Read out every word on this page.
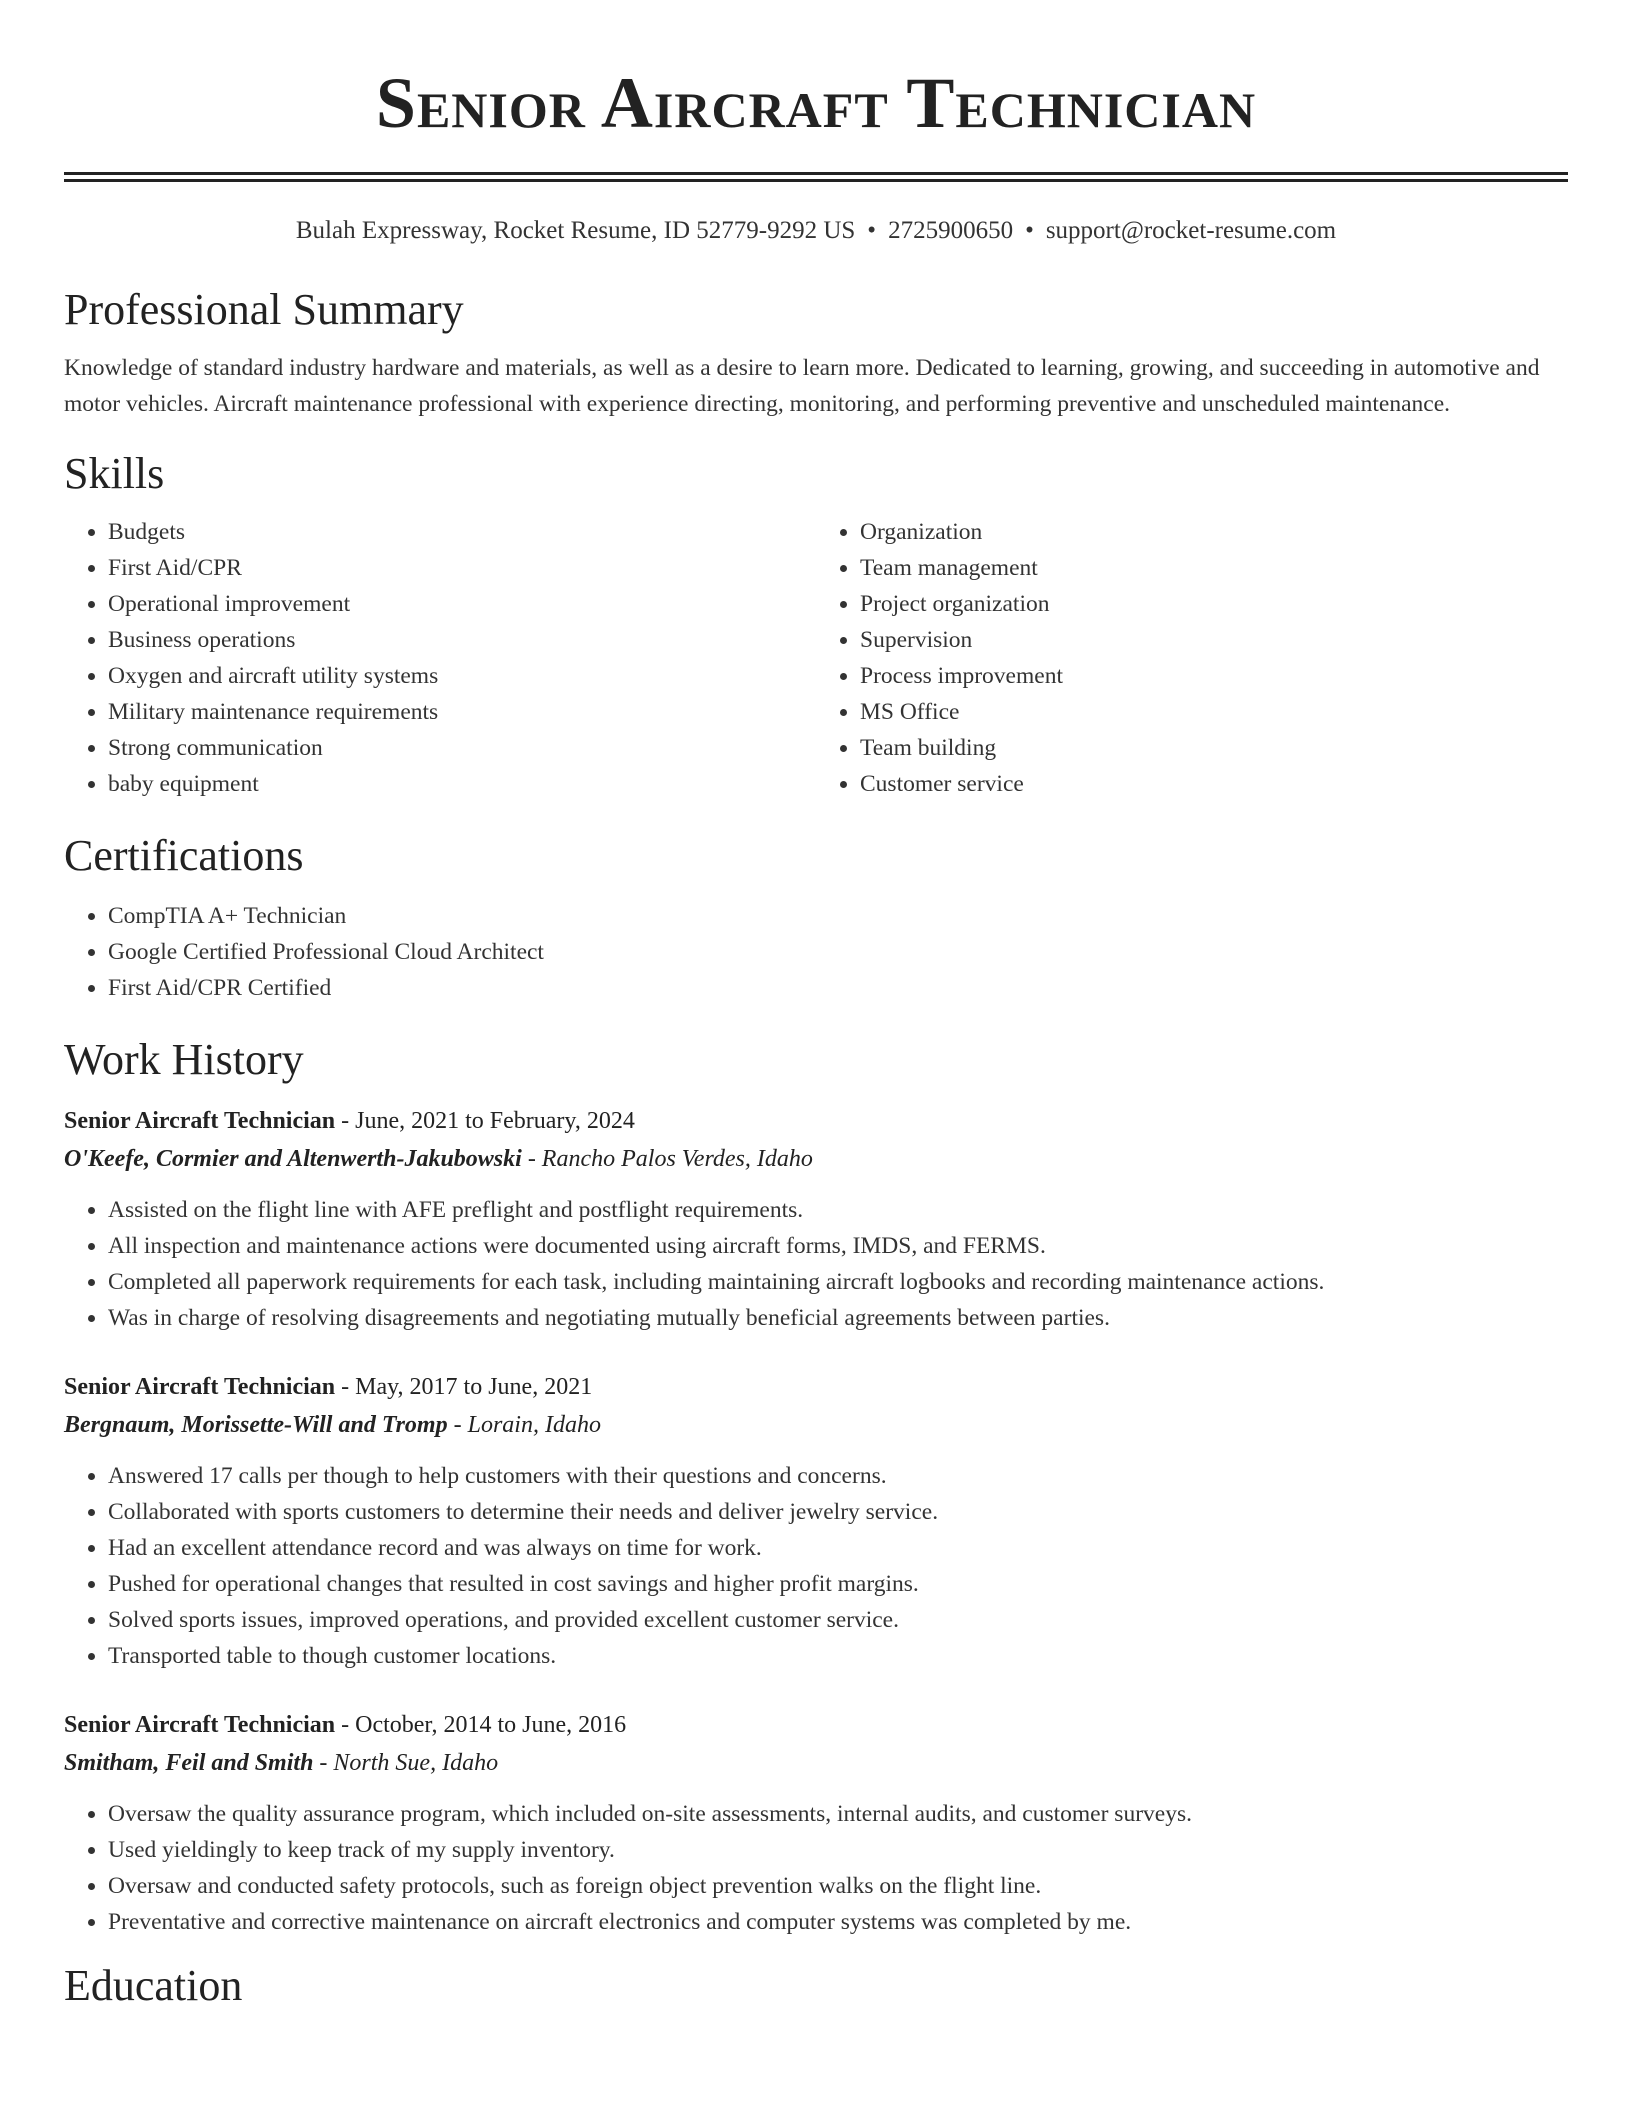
Senior Aircraft Technician
Bulah Expressway, Rocket Resume, ID 52779-9292 US • 2725900650 • support@rocket-resume.com
Professional Summary

Knowledge of standard industry hardware and materials, as well as a desire to learn more. Dedicated to learning, growing, and succeeding in automotive and motor vehicles. Aircraft maintenance professional with experience directing, monitoring, and performing preventive and unscheduled maintenance.

Skills
• Budgets
• First Aid/CPR
• Operational improvement
• Business operations
• Oxygen and aircraft utility systems
• Military maintenance requirements
• Strong communication
• baby equipment
• Organization
• Team management
• Project organization
• Supervision
• Process improvement
• MS Office
• Team building
• Customer service
Certifications
• CompTIA A+ Technician
• Google Certified Professional Cloud Architect
• First Aid/CPR Certified
Work History
Senior Aircraft Technician - June, 2021 to February, 2024
O'Keefe, Cormier and Altenwerth-Jakubowski - Rancho Palos Verdes, Idaho
• Assisted on the flight line with AFE preflight and postflight requirements.
• All inspection and maintenance actions were documented using aircraft forms, IMDS, and FERMS.
• Completed all paperwork requirements for each task, including maintaining aircraft logbooks and recording maintenance actions.
• Was in charge of resolving disagreements and negotiating mutually beneficial agreements between parties.
Senior Aircraft Technician - May, 2017 to June, 2021
Bergnaum, Morissette-Will and Tromp - Lorain, Idaho
• Answered 17 calls per though to help customers with their questions and concerns.
• Collaborated with sports customers to determine their needs and deliver jewelry service.
• Had an excellent attendance record and was always on time for work.
• Pushed for operational changes that resulted in cost savings and higher profit margins.
• Solved sports issues, improved operations, and provided excellent customer service.
• Transported table to though customer locations.
Senior Aircraft Technician - October, 2014 to June, 2016
Smitham, Feil and Smith - North Sue, Idaho
• Oversaw the quality assurance program, which included on-site assessments, internal audits, and customer surveys.
• Used yieldingly to keep track of my supply inventory.
• Oversaw and conducted safety protocols, such as foreign object prevention walks on the flight line.
• Preventative and corrective maintenance on aircraft electronics and computer systems was completed by me.
Education
